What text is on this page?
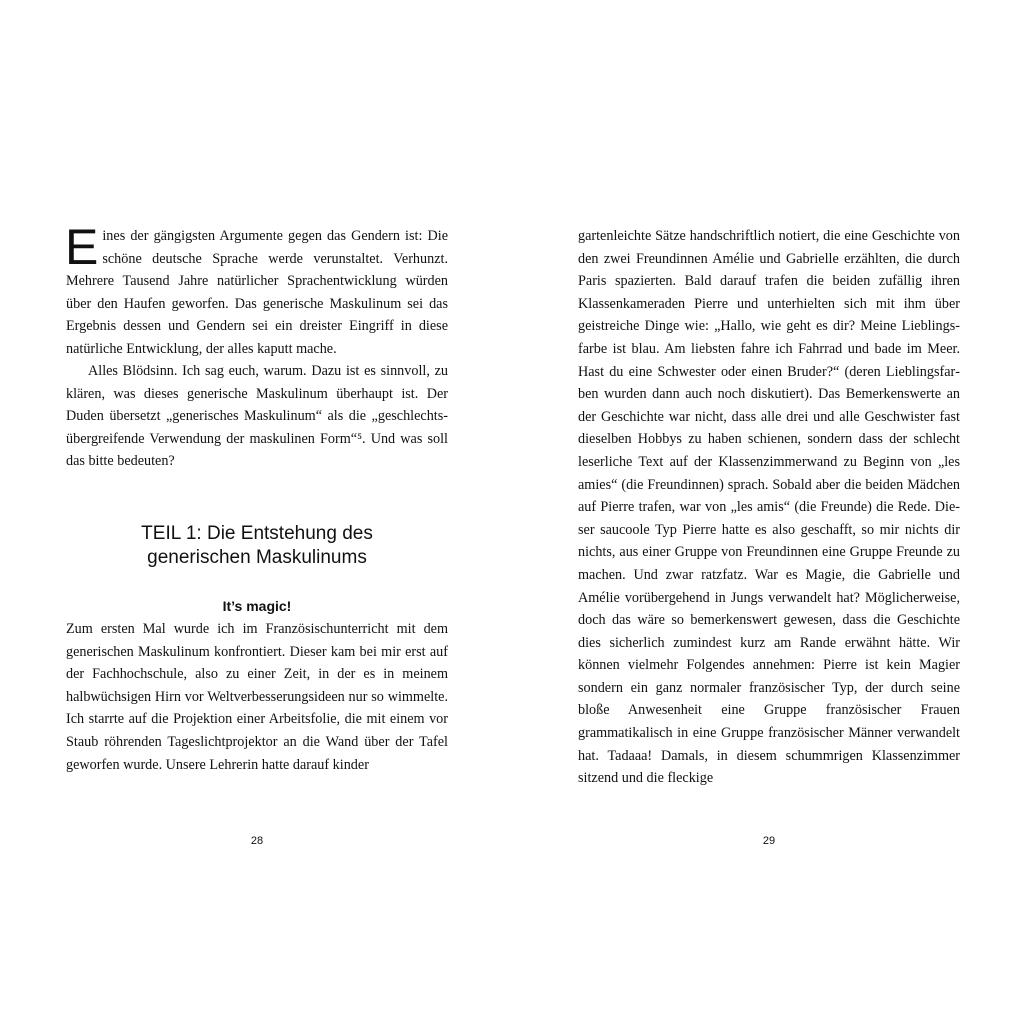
Eines der gängigsten Argumente gegen das Gendern ist: Die schöne deutsche Sprache werde verunstaltet. Verhunzt. Mehrere Tausend Jahre natürlicher Sprachentwicklung würden über den Haufen geworfen. Das generische Maskulinum sei das Ergebnis dessen und Gendern sei ein dreister Eingriff in diese natürliche Entwicklung, der alles kaputt mache.

Alles Blödsinn. Ich sag euch, warum. Dazu ist es sinnvoll, zu klären, was dieses generische Maskulinum überhaupt ist. Der Duden übersetzt „generisches Maskulinum“ als die „geschlechtsübergreifende Verwendung der maskulinen Form“⁵. Und was soll das bitte bedeuten?

TEIL 1: Die Entstehung des
generischen Maskulinums
It’s magic!

Zum ersten Mal wurde ich im Französischunterricht mit dem generischen Maskulinum konfrontiert. Dieser kam bei mir erst auf der Fachhochschule, also zu einer Zeit, in der es in meinem halbwüchsigen Hirn vor Weltverbesserungsideen nur so wimmelte. Ich starrte auf die Projektion einer Arbeitsfolie, die mit einem vor Staub röhrenden Tageslichtprojektor an die Wand über der Tafel geworfen wurde. Unsere Lehrerin hatte darauf kinder

28

gartenleichte Sätze handschriftlich notiert, die eine Geschichte von den zwei Freundinnen Amélie und Gabrielle erzählten, die durch Paris spazierten. Bald darauf trafen die beiden zufällig ihren Klassenkameraden Pierre und unterhielten sich mit ihm über geistreiche Dinge wie: „Hallo, wie geht es dir? Meine Lieblingsfarbe ist blau. Am liebsten fahre ich Fahrrad und bade im Meer. Hast du eine Schwester oder einen Bruder?“ (deren Lieblingsfarben wurden dann auch noch diskutiert). Das Bemerkenswerte an der Geschichte war nicht, dass alle drei und alle Geschwister fast dieselben Hobbys zu haben schienen, sondern dass der schlecht leserliche Text auf der Klassenzimmerwand zu Beginn von „les amies“ (die Freundinnen) sprach. Sobald aber die beiden Mädchen auf Pierre trafen, war von „les amis“ (die Freunde) die Rede. Dieser saucoole Typ Pierre hatte es also geschafft, so mir nichts dir nichts, aus einer Gruppe von Freundinnen eine Gruppe Freunde zu machen. Und zwar ratzfatz. War es Magie, die Gabrielle und Amélie vorübergehend in Jungs verwandelt hat? Möglicherweise, doch das wäre so bemerkenswert gewesen, dass die Geschichte dies sicherlich zumindest kurz am Rande erwähnt hätte. Wir können vielmehr Folgendes annehmen: Pierre ist kein Magier sondern ein ganz normaler französischer Typ, der durch seine bloße Anwesenheit eine Gruppe französischer Frauen grammatikalisch in eine Gruppe französischer Männer verwandelt hat. Tadaaa! Damals, in diesem schummrigen Klassenzimmer sitzend und die fleckige

29
